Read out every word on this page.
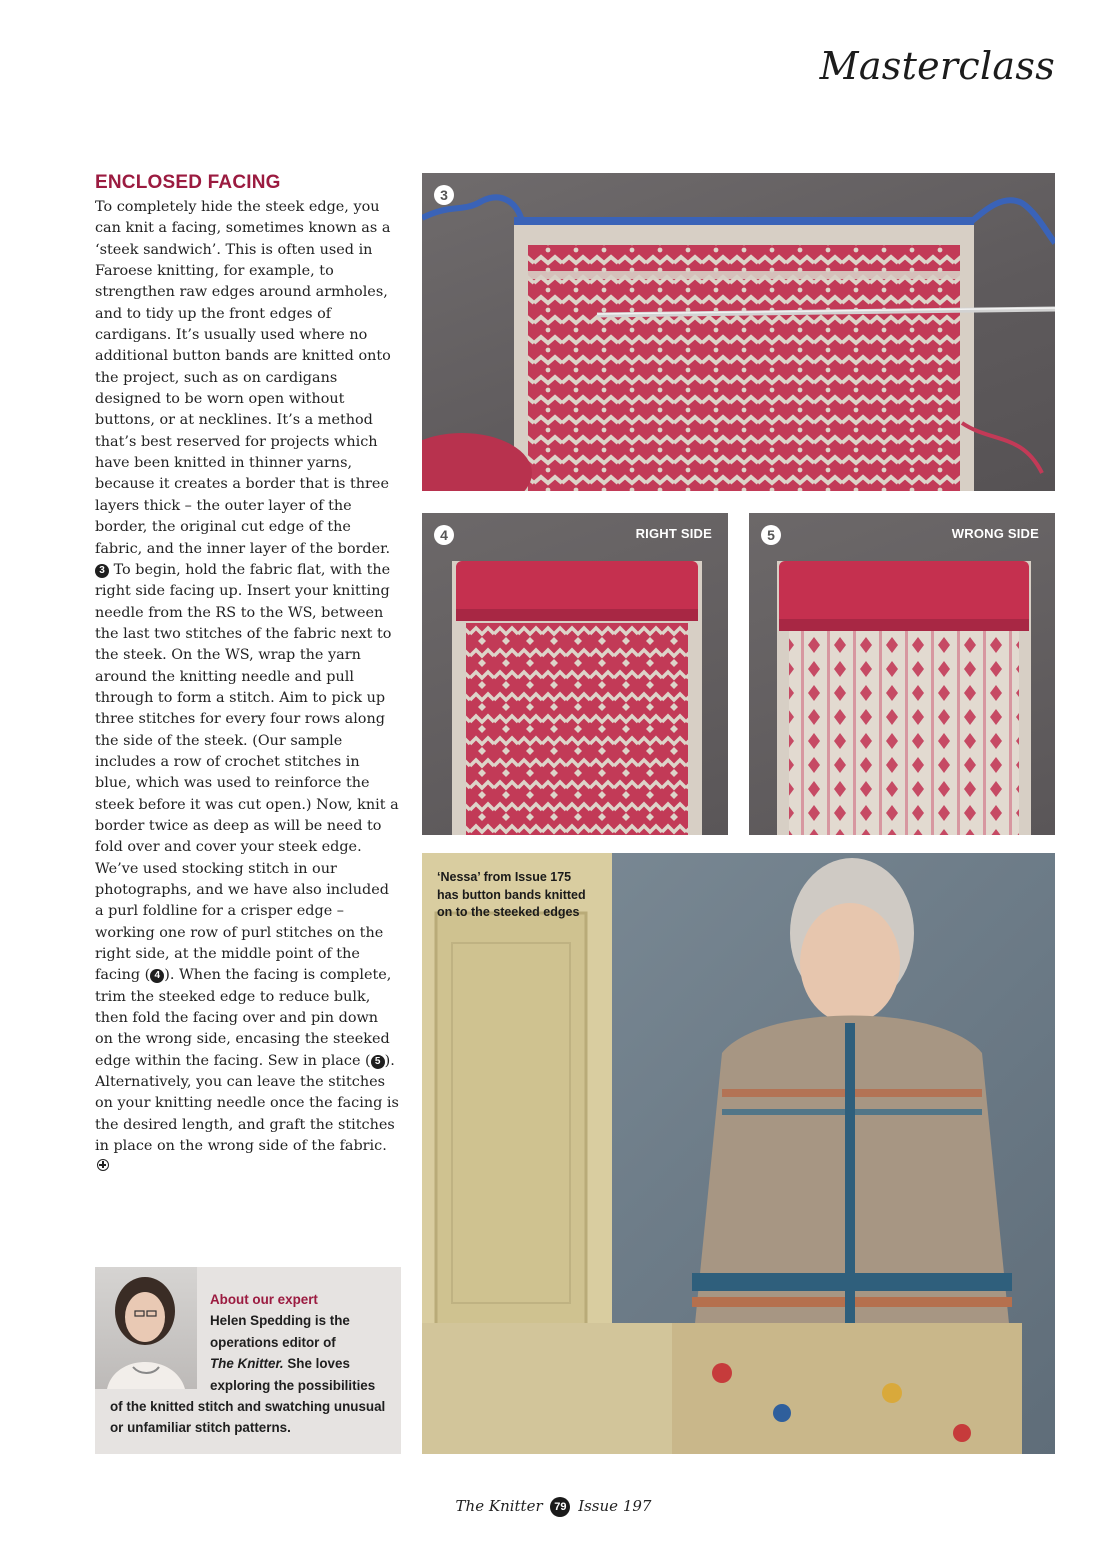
Masterclass
ENCLOSED FACING

To completely hide the steek edge, you can knit a facing, sometimes known as a ‘steek sandwich’. This is often used in Faroese knitting, for example, to strengthen raw edges around armholes, and to tidy up the front edges of cardigans. It’s usually used where no additional button bands are knitted onto the project, such as on cardigans designed to be worn open without buttons, or at necklines. It’s a method that’s best reserved for projects which have been knitted in thinner yarns, because it creates a border that is three layers thick – the outer layer of the border, the original cut edge of the fabric, and the inner layer of the border.

3 To begin, hold the fabric flat, with the right side facing up. Insert your knitting needle from the RS to the WS, between the last two stitches of the fabric next to the steek. On the WS, wrap the yarn around the knitting needle and pull through to form a stitch. Aim to pick up three stitches for every four rows along the side of the steek. (Our sample includes a row of crochet stitches in blue, which was used to reinforce the steek before it was cut open.) Now, knit a border twice as deep as will be need to fold over and cover your steek edge. We’ve used stocking stitch in our photographs, and we have also included a purl foldline for a crisper edge – working one row of purl stitches on the right side, at the middle point of the facing ( 4 ). When the facing is complete, trim the steeked edge to reduce bulk, then fold the facing over and pin down on the wrong side, encasing the steeked edge within the facing. Sew in place ( 5 ). Alternatively, you can leave the stitches on your knitting needle once the facing is the desired length, and graft the stitches in place on the wrong side of the fabric.

3
4	RIGHT SIDE	5	WRONG SIDE
‘Nessa’ from Issue 175 has button bands knitted on to the steeked edges
About our expert
Helen Spedding is the
operations editor of
The Knitter. She loves
exploring the possibilities
of the knitted stitch and swatching unusual
or unfamiliar stitch patterns.
The Knitter 79 Issue 197
